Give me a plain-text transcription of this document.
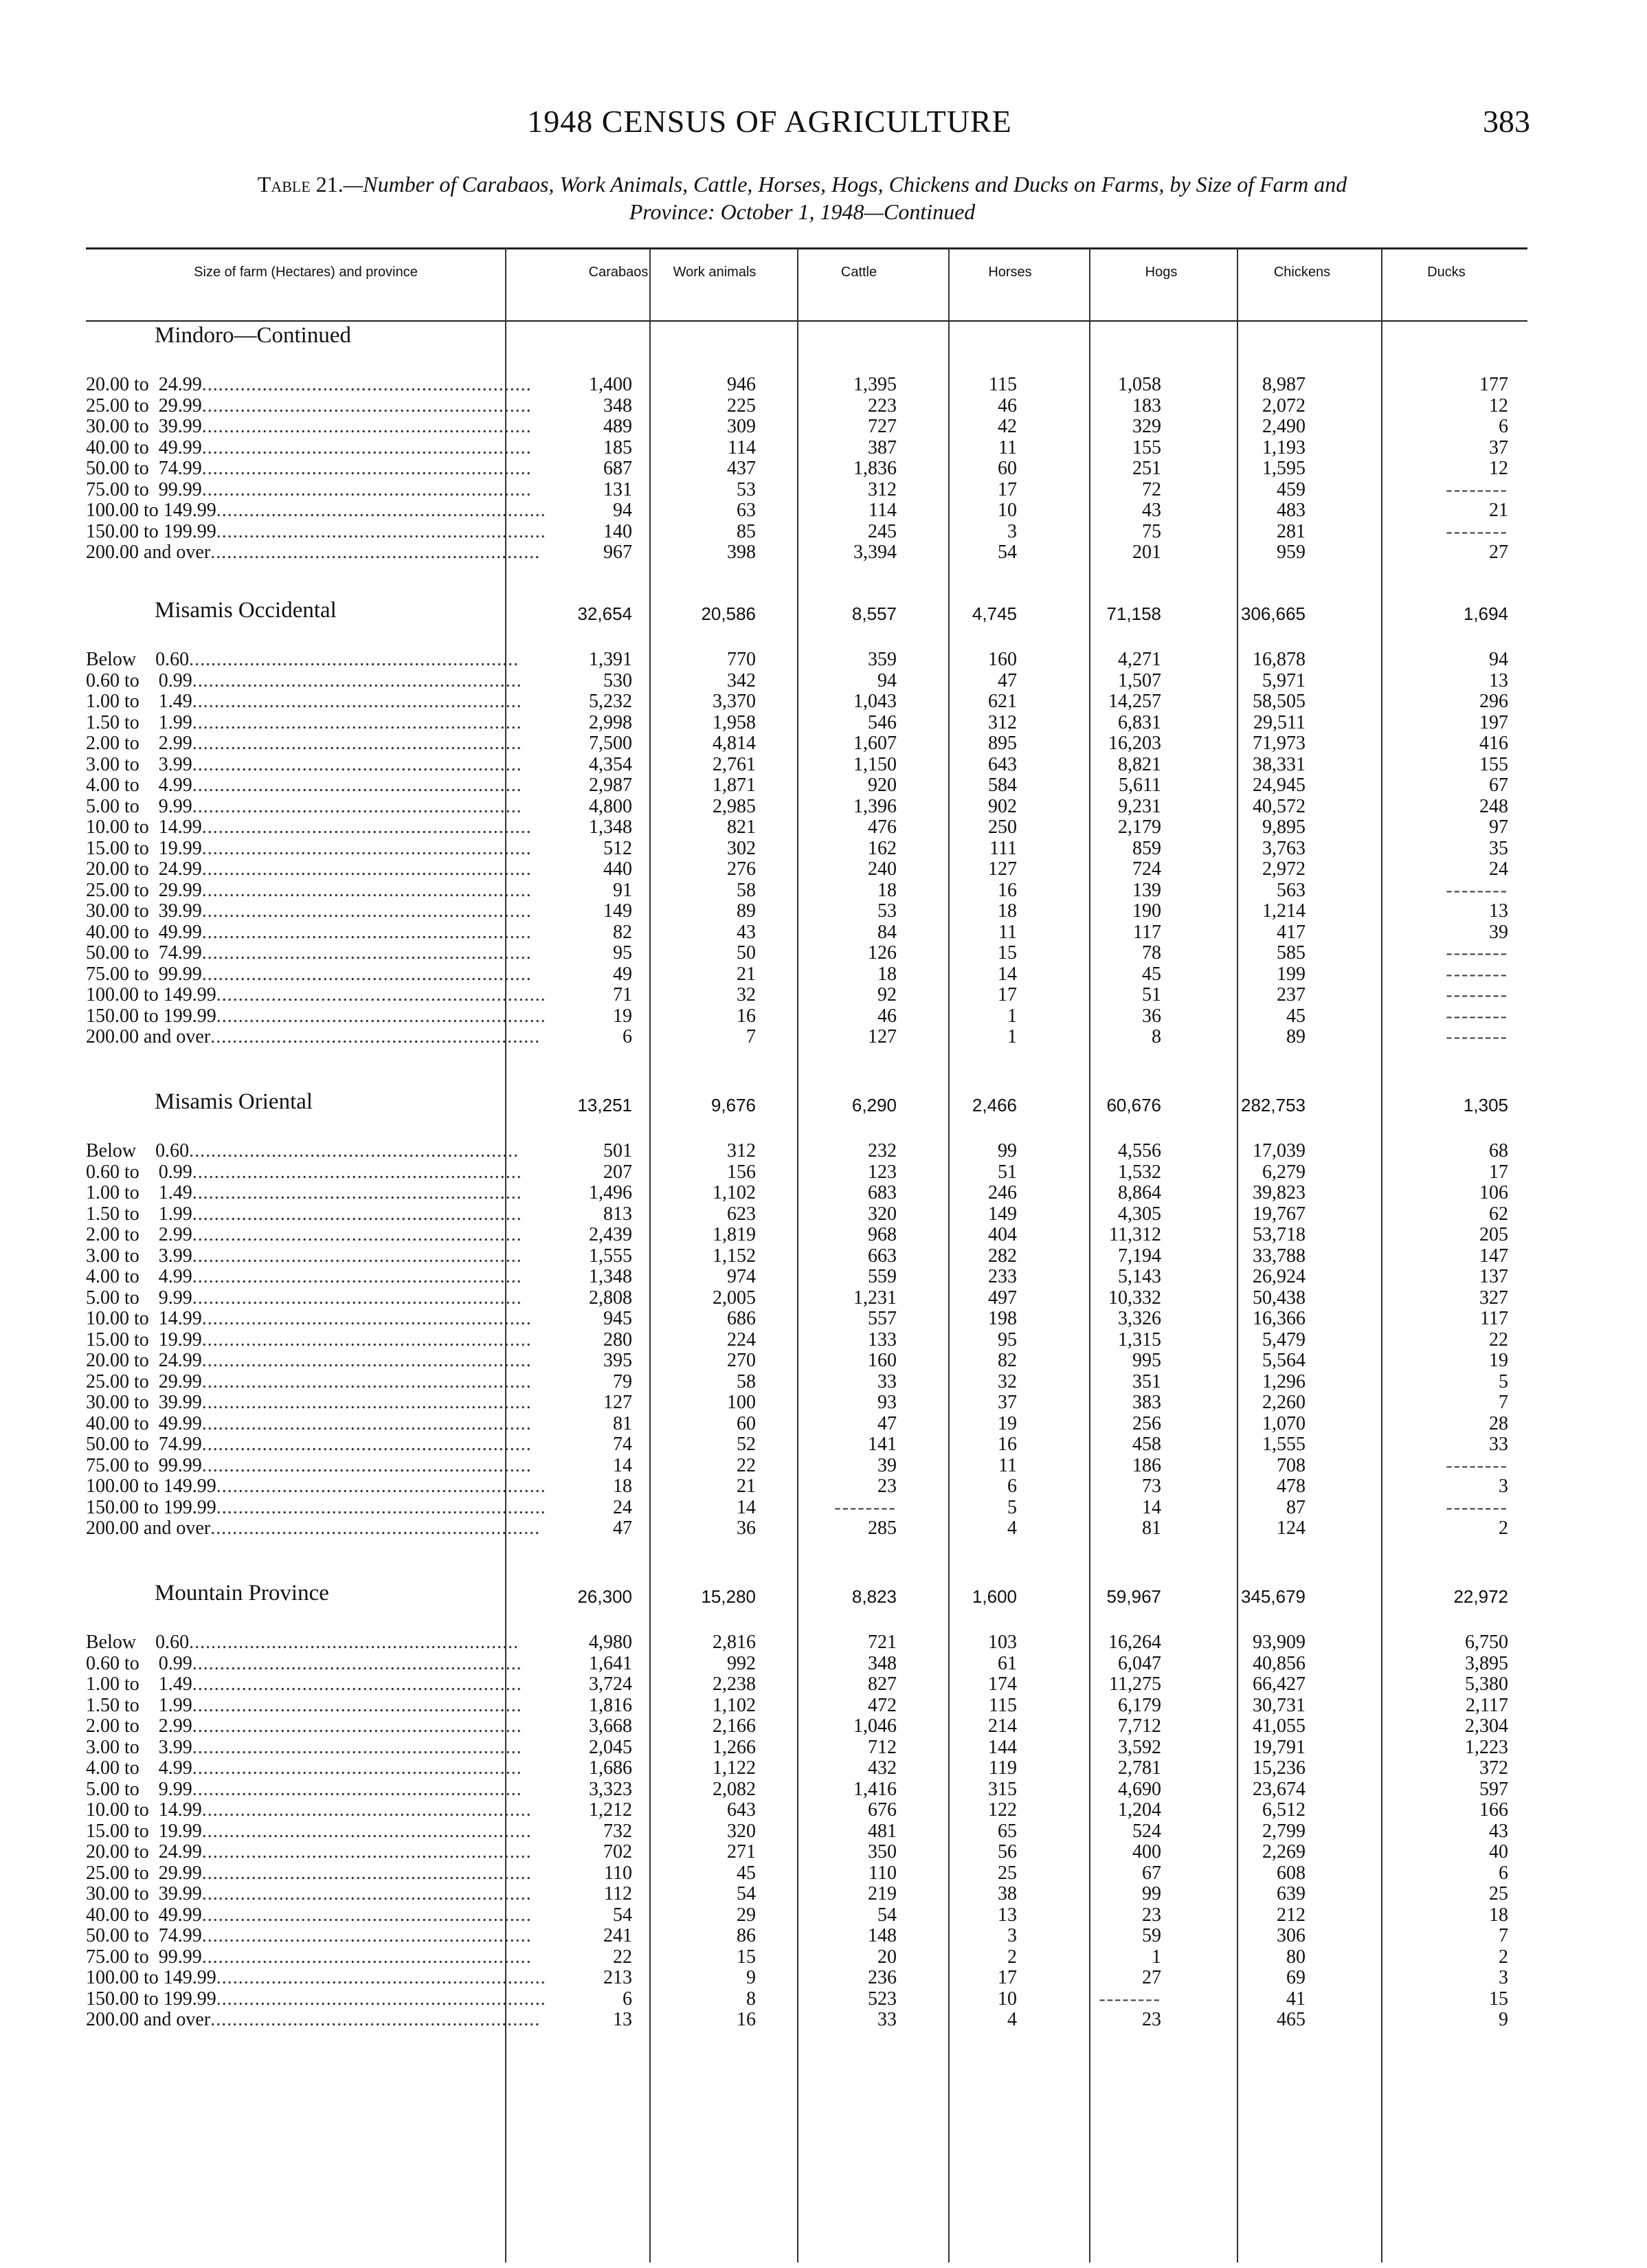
1948 CENSUS OF AGRICULTURE	383
Table 21.—Number of Carabaos, Work Animals, Cattle, Horses, Hogs, Chickens and Ducks on Farms, by Size of Farm and
Province: October 1, 1948—Continued
Size of farm (Hectares) and province	Carabaos	Work animals	Cattle	Horses	Hogs	Chickens	Ducks
Mindoro—Continued
20.00 to  24.99............................................................	1,400	946	1,395	115	1,058	8,987	177
25.00 to  29.99............................................................	348	225	223	46	183	2,072	12
30.00 to  39.99............................................................	489	309	727	42	329	2,490	6
40.00 to  49.99............................................................	185	114	387	11	155	1,193	37
50.00 to  74.99............................................................	687	437	1,836	60	251	1,595	12
75.00 to  99.99............................................................	131	53	312	17	72	459	--------
100.00 to 149.99............................................................	94	63	114	10	43	483	21
150.00 to 199.99............................................................	140	85	245	3	75	281	--------
200.00 and over............................................................	967	398	3,394	54	201	959	27
Misamis Occidental	32,654	20,586	8,557	4,745	71,158	306,665	1,694
Below    0.60............................................................	1,391	770	359	160	4,271	16,878	94
0.60 to    0.99............................................................	530	342	94	47	1,507	5,971	13
1.00 to    1.49............................................................	5,232	3,370	1,043	621	14,257	58,505	296
1.50 to    1.99............................................................	2,998	1,958	546	312	6,831	29,511	197
2.00 to    2.99............................................................	7,500	4,814	1,607	895	16,203	71,973	416
3.00 to    3.99............................................................	4,354	2,761	1,150	643	8,821	38,331	155
4.00 to    4.99............................................................	2,987	1,871	920	584	5,611	24,945	67
5.00 to    9.99............................................................	4,800	2,985	1,396	902	9,231	40,572	248
10.00 to  14.99............................................................	1,348	821	476	250	2,179	9,895	97
15.00 to  19.99............................................................	512	302	162	111	859	3,763	35
20.00 to  24.99............................................................	440	276	240	127	724	2,972	24
25.00 to  29.99............................................................	91	58	18	16	139	563	--------
30.00 to  39.99............................................................	149	89	53	18	190	1,214	13
40.00 to  49.99............................................................	82	43	84	11	117	417	39
50.00 to  74.99............................................................	95	50	126	15	78	585	--------
75.00 to  99.99............................................................	49	21	18	14	45	199	--------
100.00 to 149.99............................................................	71	32	92	17	51	237	--------
150.00 to 199.99............................................................	19	16	46	1	36	45	--------
200.00 and over............................................................	6	7	127	1	8	89	--------
Misamis Oriental	13,251	9,676	6,290	2,466	60,676	282,753	1,305
Below    0.60............................................................	501	312	232	99	4,556	17,039	68
0.60 to    0.99............................................................	207	156	123	51	1,532	6,279	17
1.00 to    1.49............................................................	1,496	1,102	683	246	8,864	39,823	106
1.50 to    1.99............................................................	813	623	320	149	4,305	19,767	62
2.00 to    2.99............................................................	2,439	1,819	968	404	11,312	53,718	205
3.00 to    3.99............................................................	1,555	1,152	663	282	7,194	33,788	147
4.00 to    4.99............................................................	1,348	974	559	233	5,143	26,924	137
5.00 to    9.99............................................................	2,808	2,005	1,231	497	10,332	50,438	327
10.00 to  14.99............................................................	945	686	557	198	3,326	16,366	117
15.00 to  19.99............................................................	280	224	133	95	1,315	5,479	22
20.00 to  24.99............................................................	395	270	160	82	995	5,564	19
25.00 to  29.99............................................................	79	58	33	32	351	1,296	5
30.00 to  39.99............................................................	127	100	93	37	383	2,260	7
40.00 to  49.99............................................................	81	60	47	19	256	1,070	28
50.00 to  74.99............................................................	74	52	141	16	458	1,555	33
75.00 to  99.99............................................................	14	22	39	11	186	708	--------
100.00 to 149.99............................................................	18	21	23	6	73	478	3
150.00 to 199.99............................................................	24	14	--------	5	14	87	--------
200.00 and over............................................................	47	36	285	4	81	124	2
Mountain Province	26,300	15,280	8,823	1,600	59,967	345,679	22,972
Below    0.60............................................................	4,980	2,816	721	103	16,264	93,909	6,750
0.60 to    0.99............................................................	1,641	992	348	61	6,047	40,856	3,895
1.00 to    1.49............................................................	3,724	2,238	827	174	11,275	66,427	5,380
1.50 to    1.99............................................................	1,816	1,102	472	115	6,179	30,731	2,117
2.00 to    2.99............................................................	3,668	2,166	1,046	214	7,712	41,055	2,304
3.00 to    3.99............................................................	2,045	1,266	712	144	3,592	19,791	1,223
4.00 to    4.99............................................................	1,686	1,122	432	119	2,781	15,236	372
5.00 to    9.99............................................................	3,323	2,082	1,416	315	4,690	23,674	597
10.00 to  14.99............................................................	1,212	643	676	122	1,204	6,512	166
15.00 to  19.99............................................................	732	320	481	65	524	2,799	43
20.00 to  24.99............................................................	702	271	350	56	400	2,269	40
25.00 to  29.99............................................................	110	45	110	25	67	608	6
30.00 to  39.99............................................................	112	54	219	38	99	639	25
40.00 to  49.99............................................................	54	29	54	13	23	212	18
50.00 to  74.99............................................................	241	86	148	3	59	306	7
75.00 to  99.99............................................................	22	15	20	2	1	80	2
100.00 to 149.99............................................................	213	9	236	17	27	69	3
150.00 to 199.99............................................................	6	8	523	10	--------	41	15
200.00 and over............................................................	13	16	33	4	23	465	9
